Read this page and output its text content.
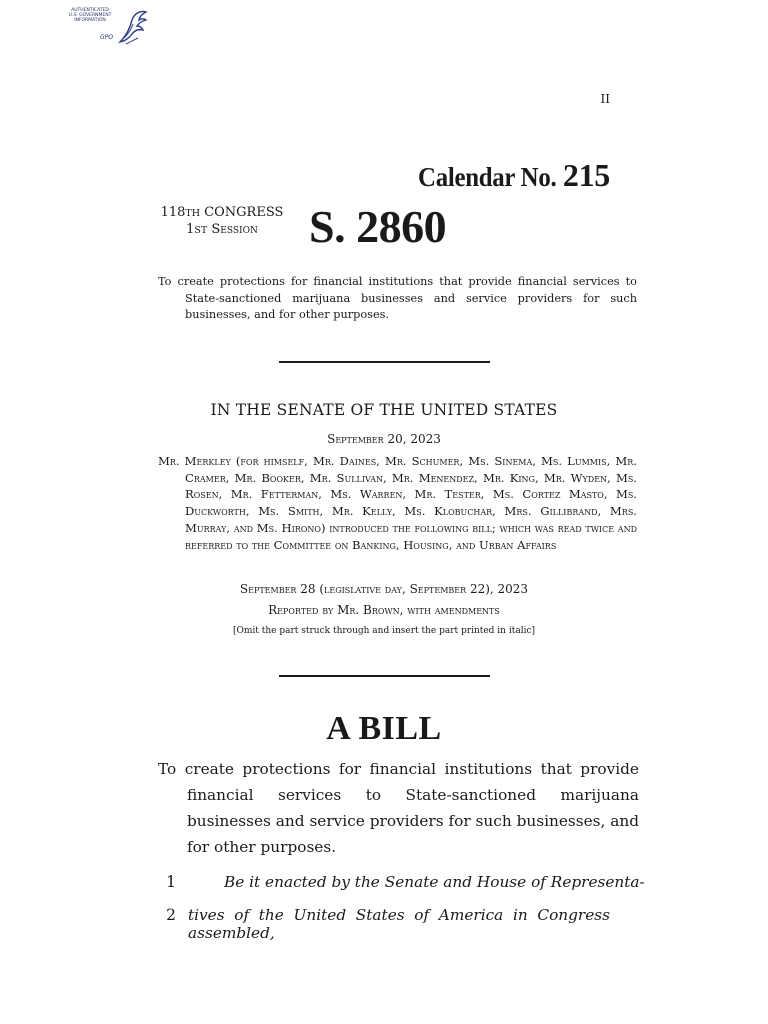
AUTHENTICATED
U.S. GOVERNMENT
INFORMATION
GPO
II
Calendar No. 215
118TH CONGRESS
1ST Session	S. 2860
To create protections for financial institutions that provide financial services to State-sanctioned marijuana businesses and service providers for such businesses, and for other purposes.
IN THE SENATE OF THE UNITED STATES
September 20, 2023
Mr. Merkley (for himself, Mr. Daines, Mr. Schumer, Ms. Sinema, Ms. Lummis, Mr. Cramer, Mr. Booker, Mr. Sullivan, Mr. Menendez, Mr. King, Mr. Wyden, Ms. Rosen, Mr. Fetterman, Ms. Warren, Mr. Tester, Ms. Cortez Masto, Ms. Duckworth, Ms. Smith, Mr. Kelly, Ms. Klobuchar, Mrs. Gillibrand, Mrs. Murray, and Ms. Hirono) introduced the following bill; which was read twice and referred to the Committee on Banking, Housing, and Urban Affairs
September 28 (legislative day, September 22), 2023
Reported by Mr. Brown, with amendments
[Omit the part struck through and insert the part printed in italic]
A BILL
To create protections for financial institutions that provide financial services to State-sanctioned marijuana businesses and service providers for such businesses, and for other purposes.
1	Be it enacted by the Senate and House of Representa-
2 tives of the United States of America in Congress assembled,
